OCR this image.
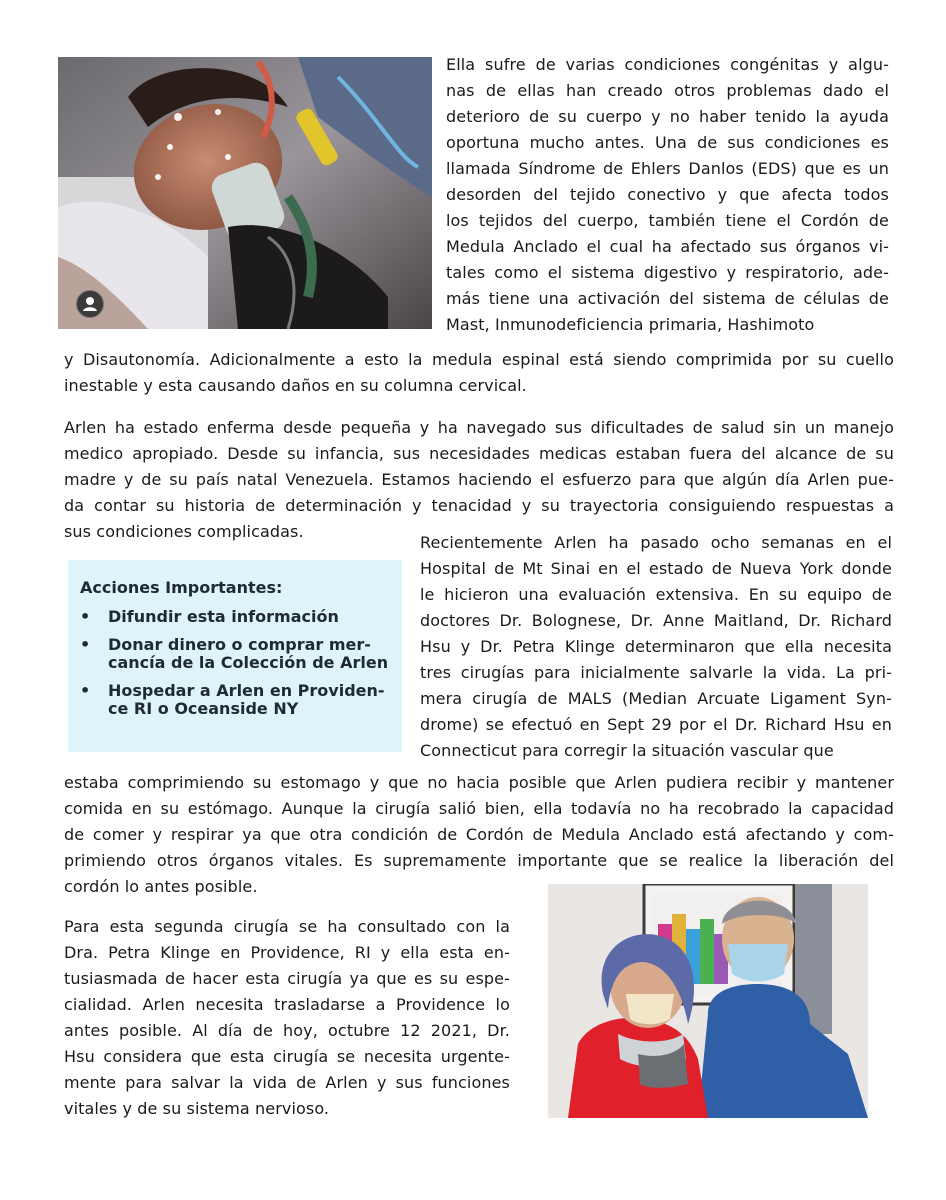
Ella sufre de varias condiciones congénitas y algu-
nas de ellas han creado otros problemas dado el
deterioro de su cuerpo y no haber tenido la ayuda
oportuna mucho antes. Una de sus condiciones es
llamada Síndrome de Ehlers Danlos (EDS) que es un
desorden del tejido conectivo y que afecta todos
los tejidos del cuerpo, también tiene el Cordón de
Medula Anclado el cual ha afectado sus órganos vi-
tales como el sistema digestivo y respiratorio, ade-
más tiene una activación del sistema de células de
Mast, Inmunodeficiencia primaria, Hashimoto
y Disautonomía. Adicionalmente a esto la medula espinal está siendo comprimida por su cuello
inestable y esta causando daños en su columna cervical.
Arlen ha estado enferma desde pequeña y ha navegado sus dificultades de salud sin un manejo
medico apropiado. Desde su infancia, sus necesidades medicas estaban fuera del alcance de su
madre y de su país natal Venezuela. Estamos haciendo el esfuerzo para que algún día Arlen pue-
da contar su historia de determinación y tenacidad y su trayectoria consiguiendo respuestas a
sus condiciones complicadas.
Acciones Importantes:
• Difundir esta información
• Donar dinero o comprar mer-
cancía de la Colección de Arlen
• Hospedar a Arlen en Providen-
ce RI o Oceanside NY
Recientemente Arlen ha pasado ocho semanas en el
Hospital de Mt Sinai en el estado de Nueva York donde
le hicieron una evaluación extensiva. En su equipo de
doctores Dr. Bolognese, Dr. Anne Maitland, Dr. Richard
Hsu y Dr. Petra Klinge determinaron que ella necesita
tres cirugías para inicialmente salvarle la vida. La pri-
mera cirugía de MALS (Median Arcuate Ligament Syn-
drome) se efectuó en Sept 29 por el Dr. Richard Hsu en
Connecticut para corregir la situación vascular que
estaba comprimiendo su estomago y que no hacia posible que Arlen pudiera recibir y mantener
comida en su estómago. Aunque la cirugía salió bien, ella todavía no ha recobrado la capacidad
de comer y respirar ya que otra condición de Cordón de Medula Anclado está afectando y com-
primiendo otros órganos vitales. Es supremamente importante que se realice la liberación del
cordón lo antes posible.
Para esta segunda cirugía se ha consultado con la
Dra. Petra Klinge en Providence, RI y ella esta en-
tusiasmada de hacer esta cirugía ya que es su espe-
cialidad. Arlen necesita trasladarse a Providence lo
antes posible. Al día de hoy, octubre 12 2021, Dr.
Hsu considera que esta cirugía se necesita urgente-
mente para salvar la vida de Arlen y sus funciones
vitales y de su sistema nervioso.
